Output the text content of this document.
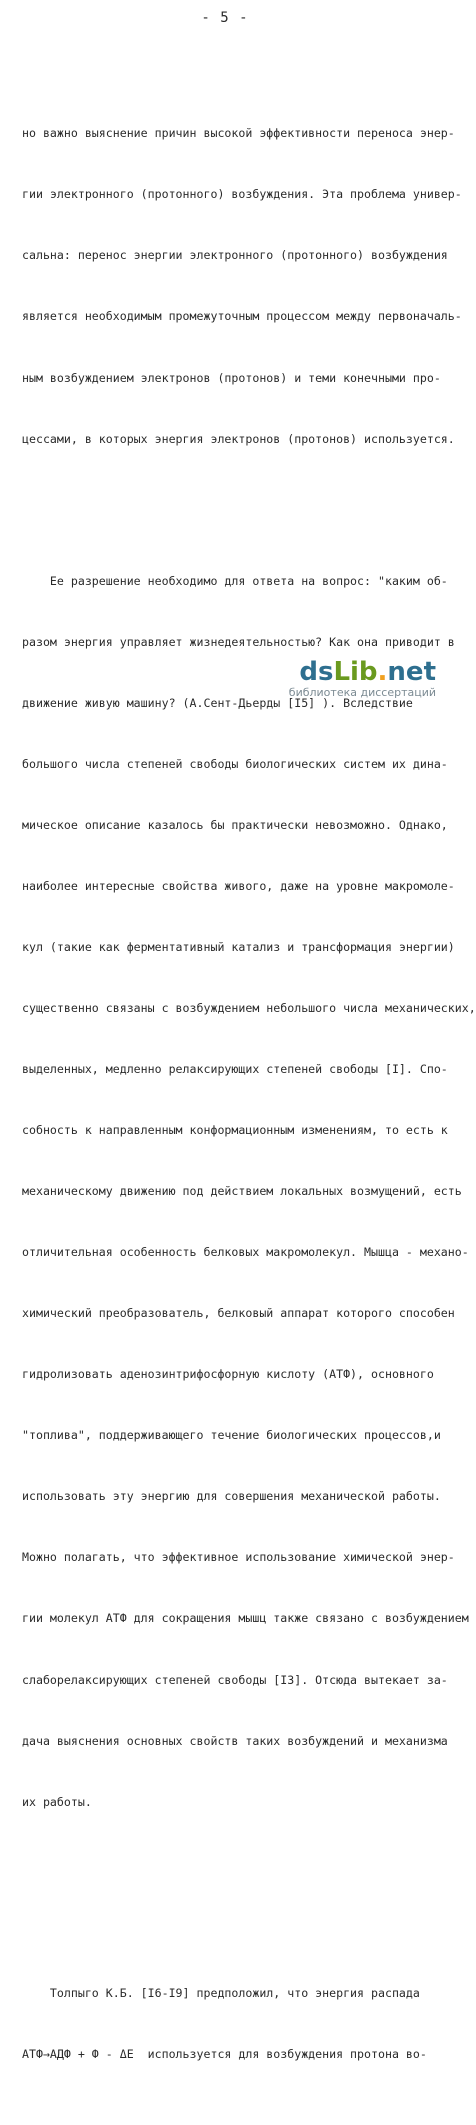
- 5 -

но важно выяснение причин высокой эффективности переноса энер-

гии электронного (протонного) возбуждения. Эта проблема универ-

сальна: перенос энергии электронного (протонного) возбуждения

является необходимым промежуточным процессом между первоначаль-

ным возбуждением электронов (протонов) и теми конечными про-

цессами, в которых энергия электронов (протонов) используется.

Ее разрешение необходимо для ответа на вопрос: "каким об-

разом энергия управляет жизнедеятельностью? Как она приводит в

движение живую машину? (А.Сент-Дьерды [I5] ). Вследствие

большого числа степеней свободы биологических систем их дина-

мическое описание казалось бы практически невозможно. Однако,

наиболее интересные свойства живого, даже на уровне макромоле-

кул (такие как ферментативный катализ и трансформация энергии)

существенно связаны с возбуждением небольшого числа механических,

выделенных, медленно релаксирующих степеней свободы [I]. Спо-

собность к направленным конформационным изменениям, то есть к

механическому движению под действием локальных возмущений, есть

отличительная особенность белковых макромолекул. Мышца - механо-

химический преобразователь, белковый аппарат которого способен

гидролизовать аденозинтрифосфорную кислоту (АТФ), основного

"топлива", поддерживающего течение биологических процессов,и

использовать эту энергию для совершения механической работы.

Можно полагать, что эффективное использование химической энер-

гии молекул АТФ для сокращения мышц также связано с возбуждением

слаборелаксирующих степеней свободы [I3]. Отсюда вытекает за-

дача выяснения основных свойств таких возбуждений и механизма

их работы.

Толпыго К.Б. [I6-I9] предположил, что энергия распада

АТФ→АДФ + Ф - ΔЕ  используется для возбуждения протона во-

dsLib.net
библиотека диссертаций
